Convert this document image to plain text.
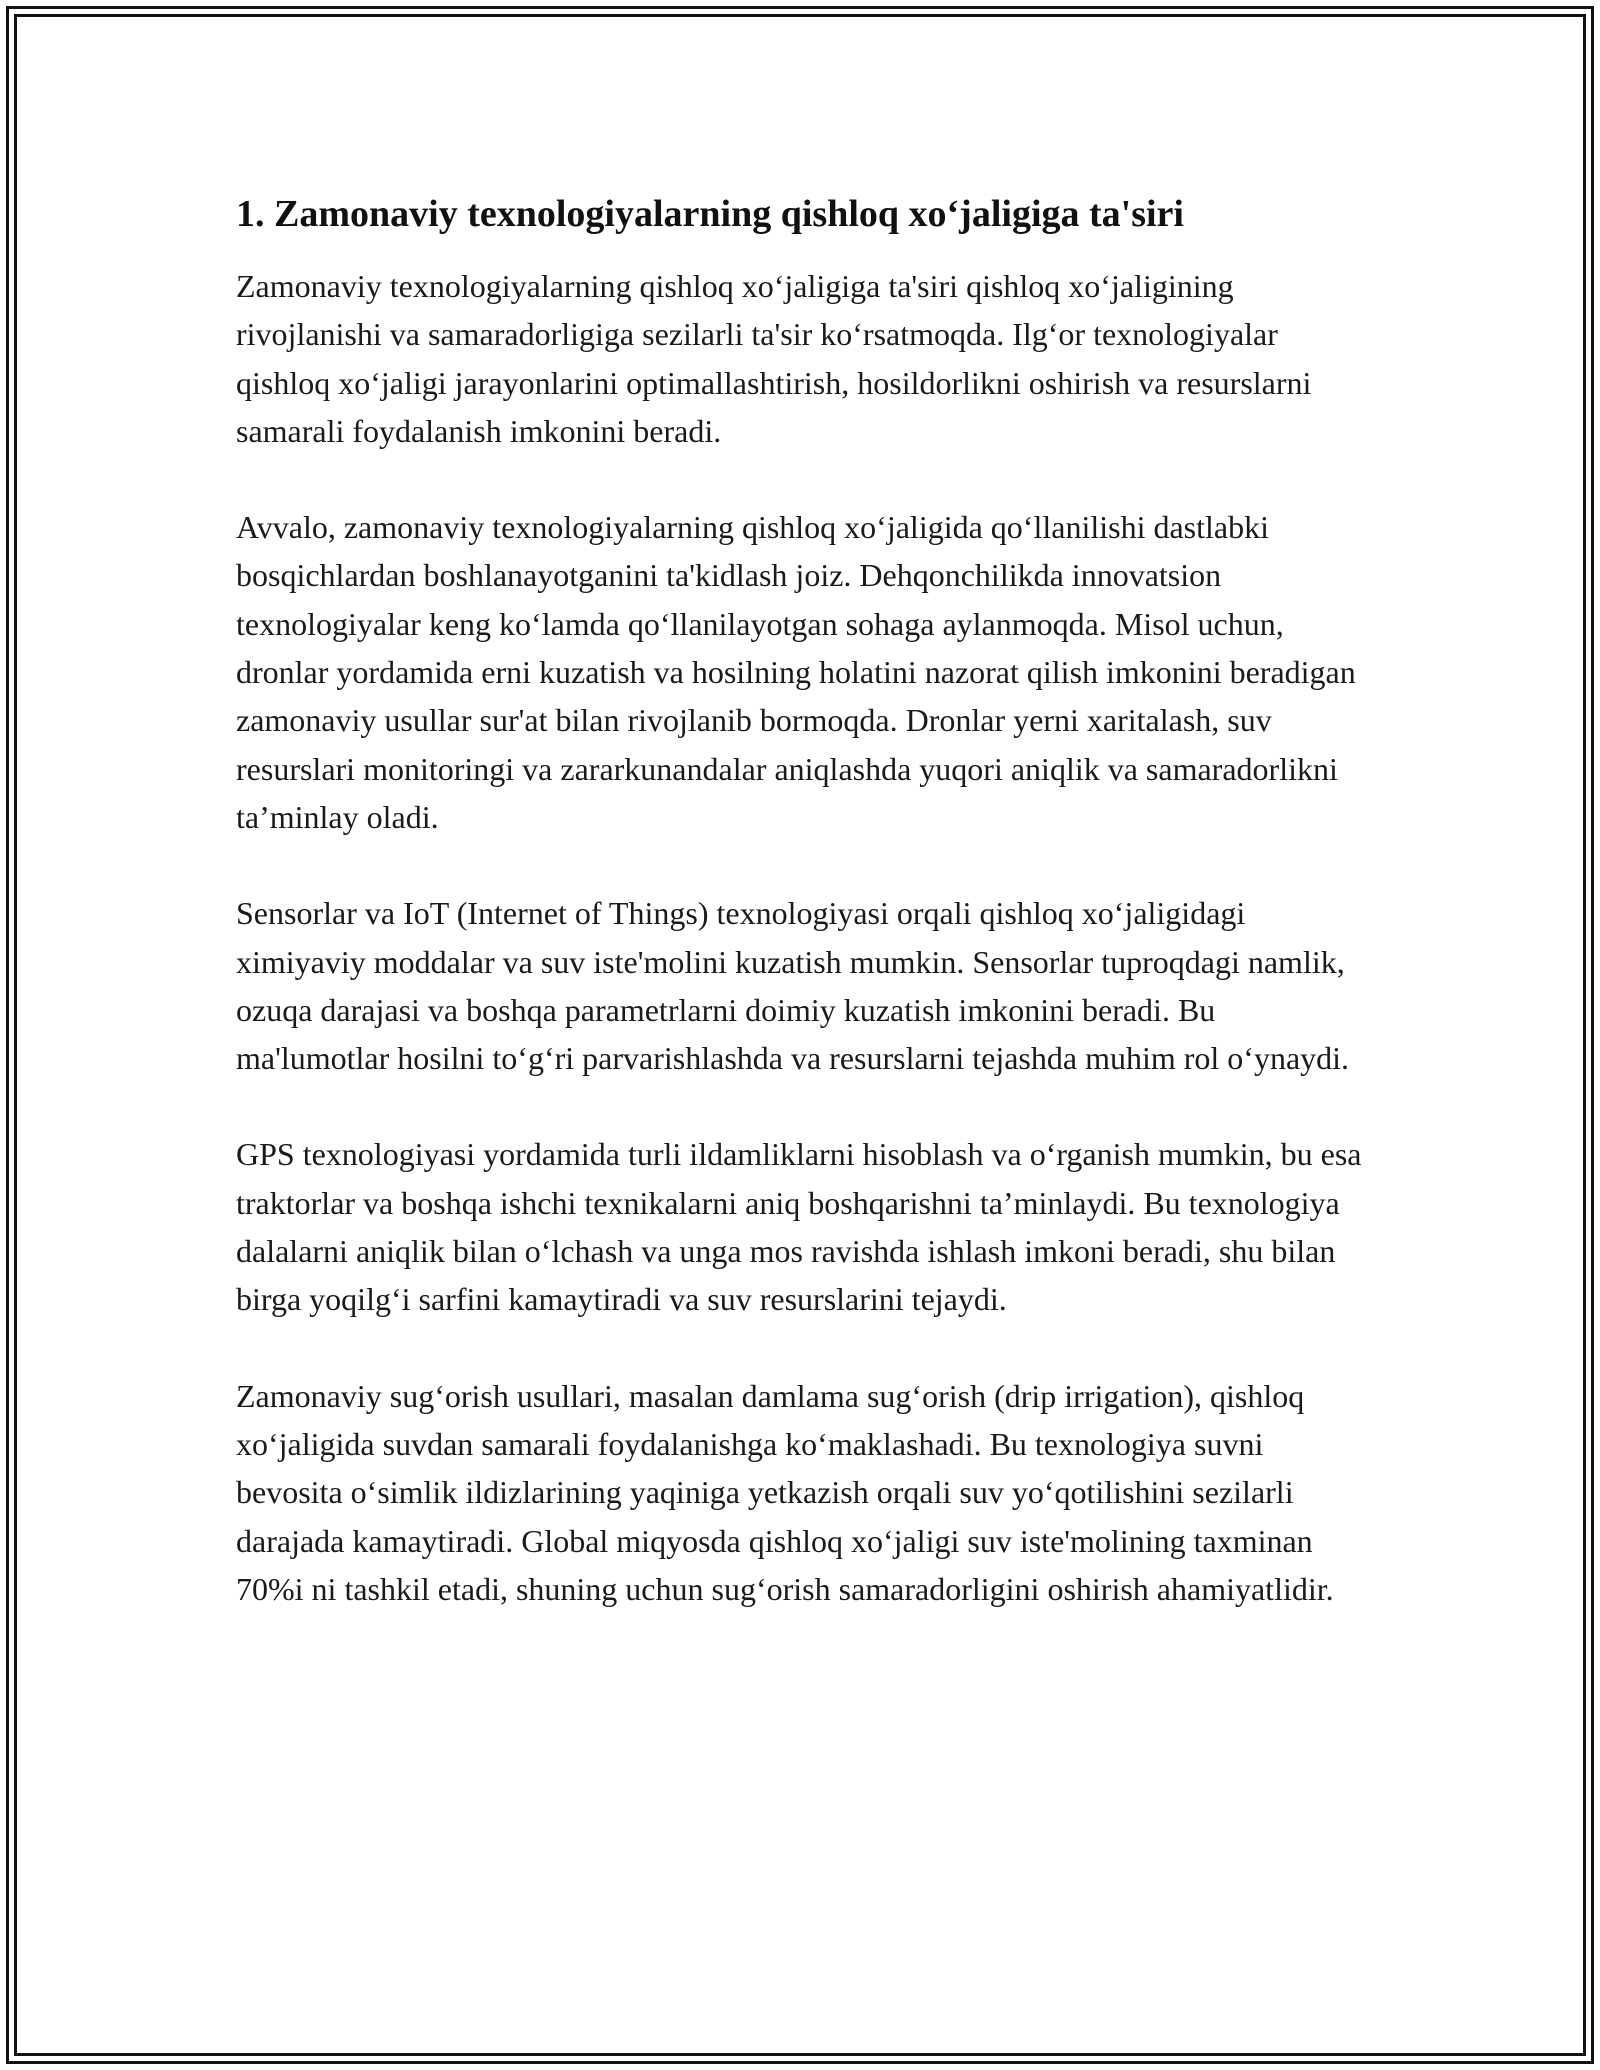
1. Zamonaviy texnologiyalarning qishloq xo‘jaligiga ta'siri

Zamonaviy texnologiyalarning qishloq xo‘jaligiga ta'siri qishloq xo‘jaligining rivojlanishi va samaradorligiga sezilarli ta'sir ko‘rsatmoqda. Ilg‘or texnologiyalar qishloq xo‘jaligi jarayonlarini optimallashtirish, hosildorlikni oshirish va resurslarni samarali foydalanish imkonini beradi.

Avvalo, zamonaviy texnologiyalarning qishloq xo‘jaligida qo‘llanilishi dastlabki bosqichlardan boshlanayotganini ta'kidlash joiz. Dehqonchilikda innovatsion texnologiyalar keng ko‘lamda qo‘llanilayotgan sohaga aylanmoqda. Misol uchun, dronlar yordamida erni kuzatish va hosilning holatini nazorat qilish imkonini beradigan zamonaviy usullar sur'at bilan rivojlanib bormoqda. Dronlar yerni xaritalash, suv resurslari monitoringi va zararkunandalar aniqlashda yuqori aniqlik va samaradorlikni ta’minlay oladi.

Sensorlar va IoT (Internet of Things) texnologiyasi orqali qishloq xo‘jaligidagi ximiyaviy moddalar va suv iste'molini kuzatish mumkin. Sensorlar tuproqdagi namlik, ozuqa darajasi va boshqa parametrlarni doimiy kuzatish imkonini beradi. Bu ma'lumotlar hosilni to‘g‘ri parvarishlashda va resurslarni tejashda muhim rol o‘ynaydi.

GPS texnologiyasi yordamida turli ildamliklarni hisoblash va o‘rganish mumkin, bu esa traktorlar va boshqa ishchi texnikalarni aniq boshqarishni ta’minlaydi. Bu texnologiya dalalarni aniqlik bilan o‘lchash va unga mos ravishda ishlash imkoni beradi, shu bilan birga yoqilg‘i sarfini kamaytiradi va suv resurslarini tejaydi.

Zamonaviy sug‘orish usullari, masalan damlama sug‘orish (drip irrigation), qishloq xo‘jaligida suvdan samarali foydalanishga ko‘maklashadi. Bu texnologiya suvni bevosita o‘simlik ildizlarining yaqiniga yetkazish orqali suv yo‘qotilishini sezilarli darajada kamaytiradi. Global miqyosda qishloq xo‘jaligi suv iste'molining taxminan 70%i ni tashkil etadi, shuning uchun sug‘orish samaradorligini oshirish ahamiyatlidir.
